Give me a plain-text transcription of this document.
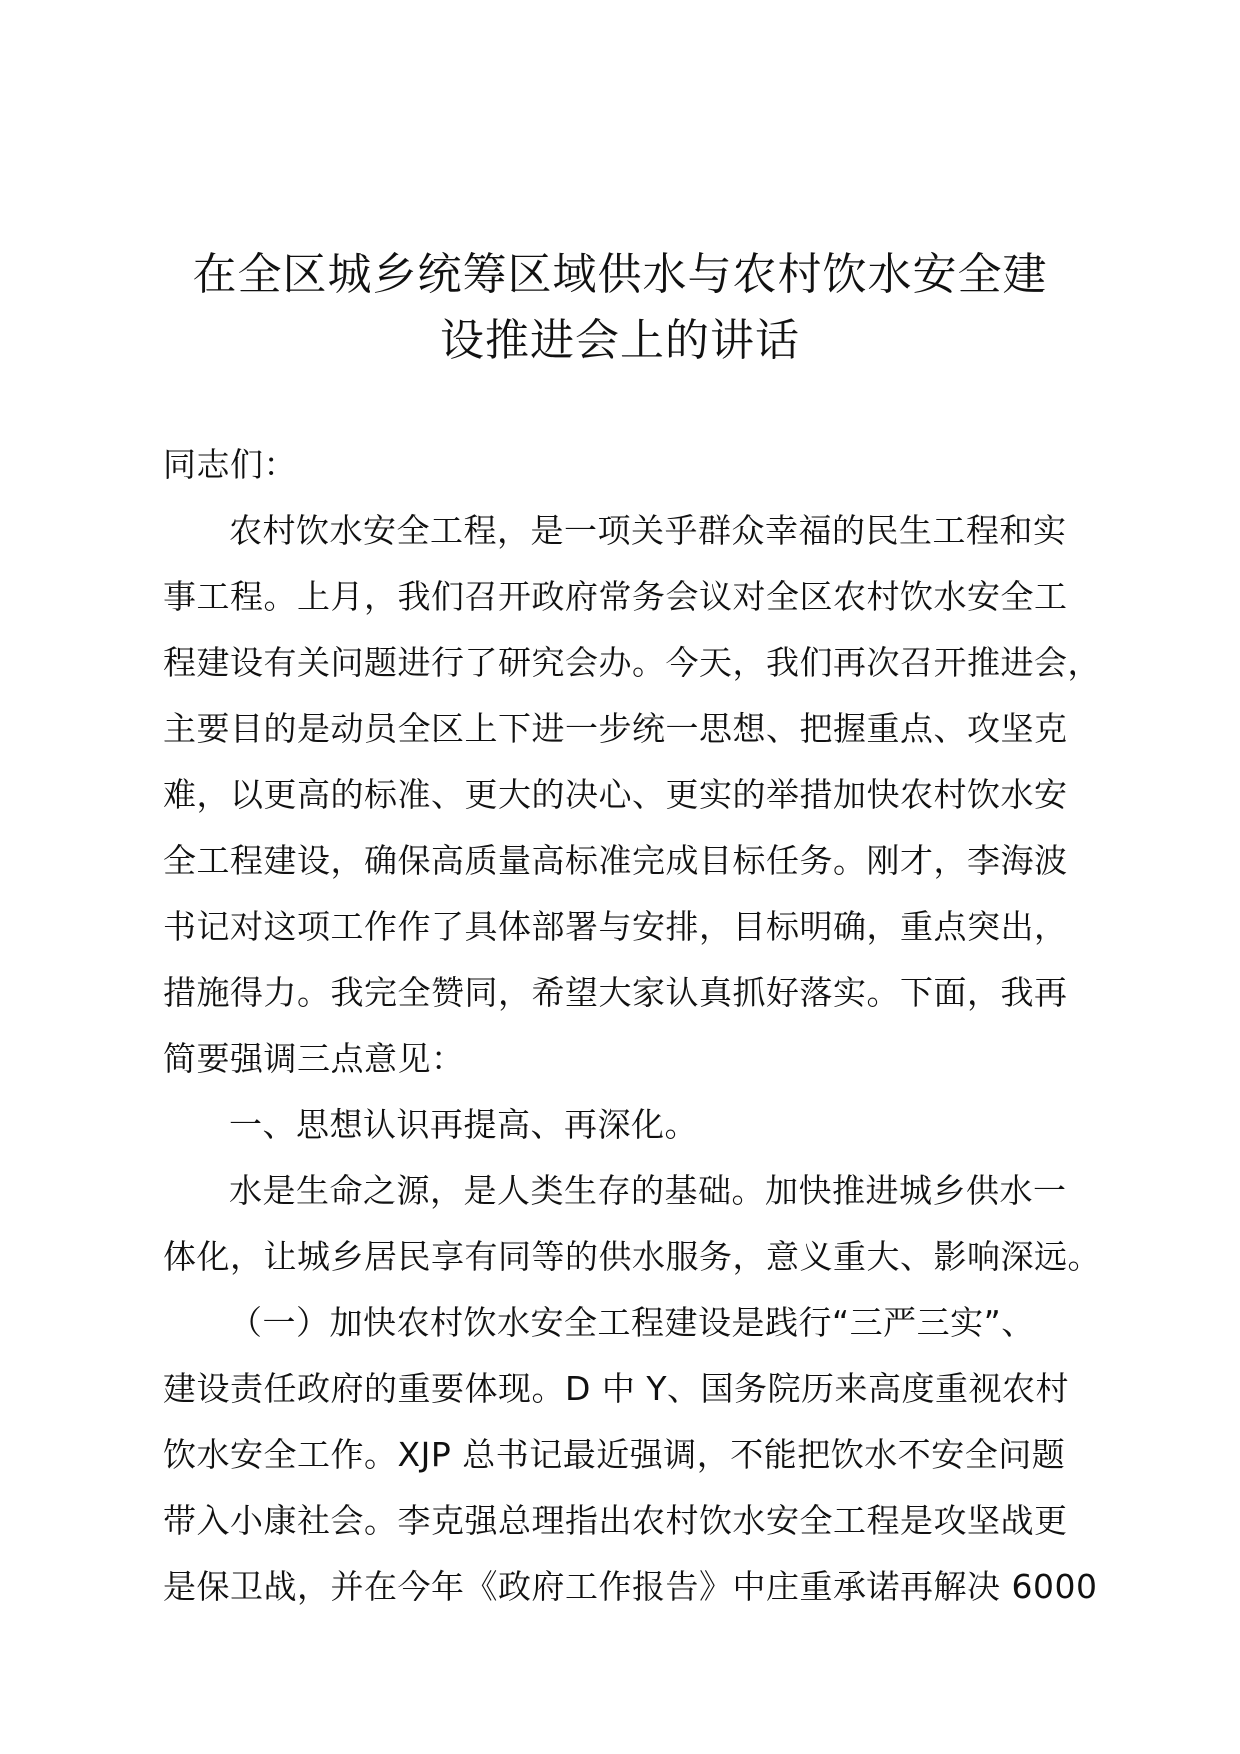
在全区城乡统筹区域供水与农村饮水安全建
设推进会上的讲话
同志们：
农村饮水安全工程，是一项关乎群众幸福的民生工程和实
事工程。上月，我们召开政府常务会议对全区农村饮水安全工
程建设有关问题进行了研究会办。今天，我们再次召开推进会，
主要目的是动员全区上下进一步统一思想、把握重点、攻坚克
难，以更高的标准、更大的决心、更实的举措加快农村饮水安
全工程建设，确保高质量高标准完成目标任务。刚才，李海波
书记对这项工作作了具体部署与安排，目标明确，重点突出，
措施得力。我完全赞同，希望大家认真抓好落实。下面，我再
简要强调三点意见：
一、思想认识再提高、再深化。
水是生命之源，是人类生存的基础。加快推进城乡供水一
体化，让城乡居民享有同等的供水服务，意义重大、影响深远。
（一）加快农村饮水安全工程建设是践行“三严三实”、
建设责任政府的重要体现。D 中 Y、国务院历来高度重视农村
饮水安全工作。XJP 总书记最近强调，不能把饮水不安全问题
带入小康社会。李克强总理指出农村饮水安全工程是攻坚战更
是保卫战，并在今年《政府工作报告》中庄重承诺再解决 6000
